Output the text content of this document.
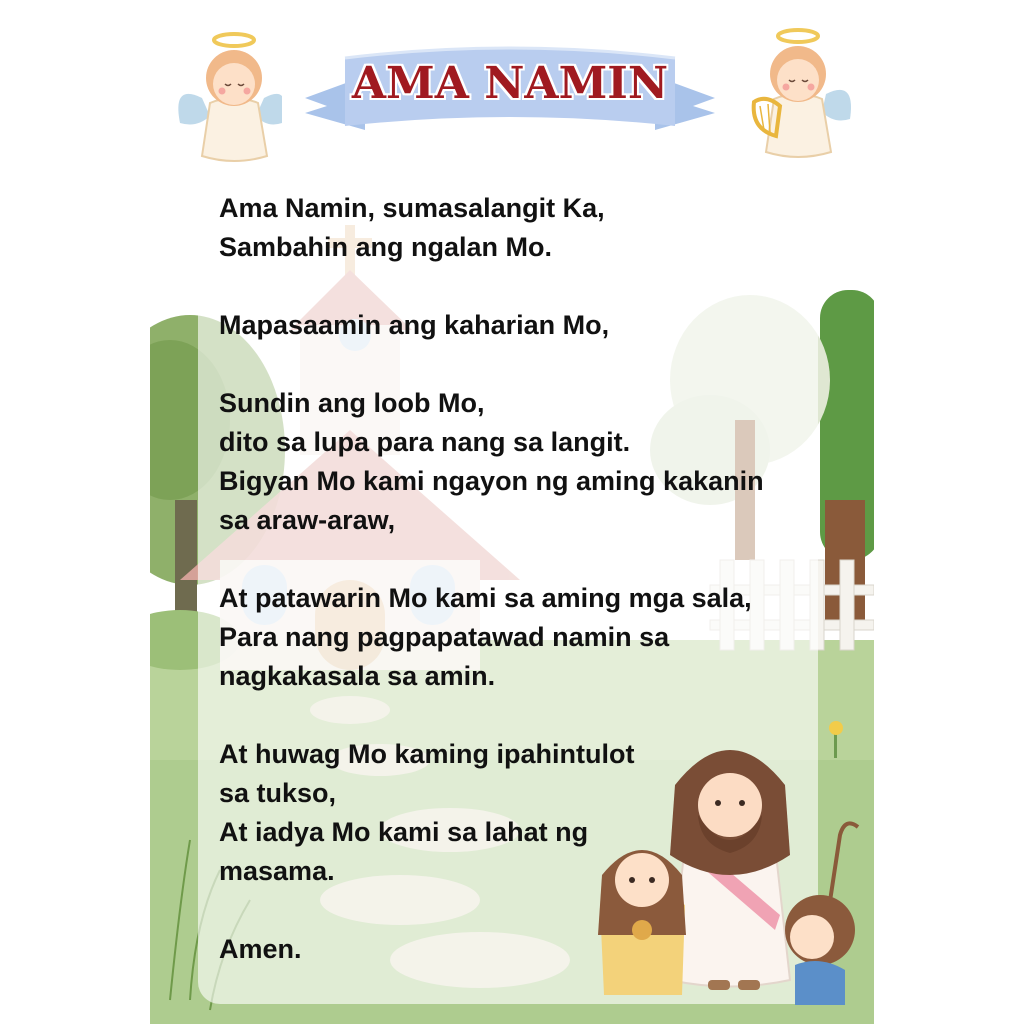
AMA NAMIN
Ama Namin, sumasalangit Ka,
Sambahin ang ngalan Mo.
Mapasaamin ang kaharian Mo,
Sundin ang loob Mo,
dito sa lupa para nang sa langit.
Bigyan Mo kami ngayon ng aming kakanin
sa araw-araw,
At patawarin Mo kami sa aming mga sala,
Para nang pagpapatawad namin sa
nagkakasala sa amin.
At huwag Mo kaming ipahintulot
sa tukso,
At iadya Mo kami sa lahat ng
masama.
Amen.
